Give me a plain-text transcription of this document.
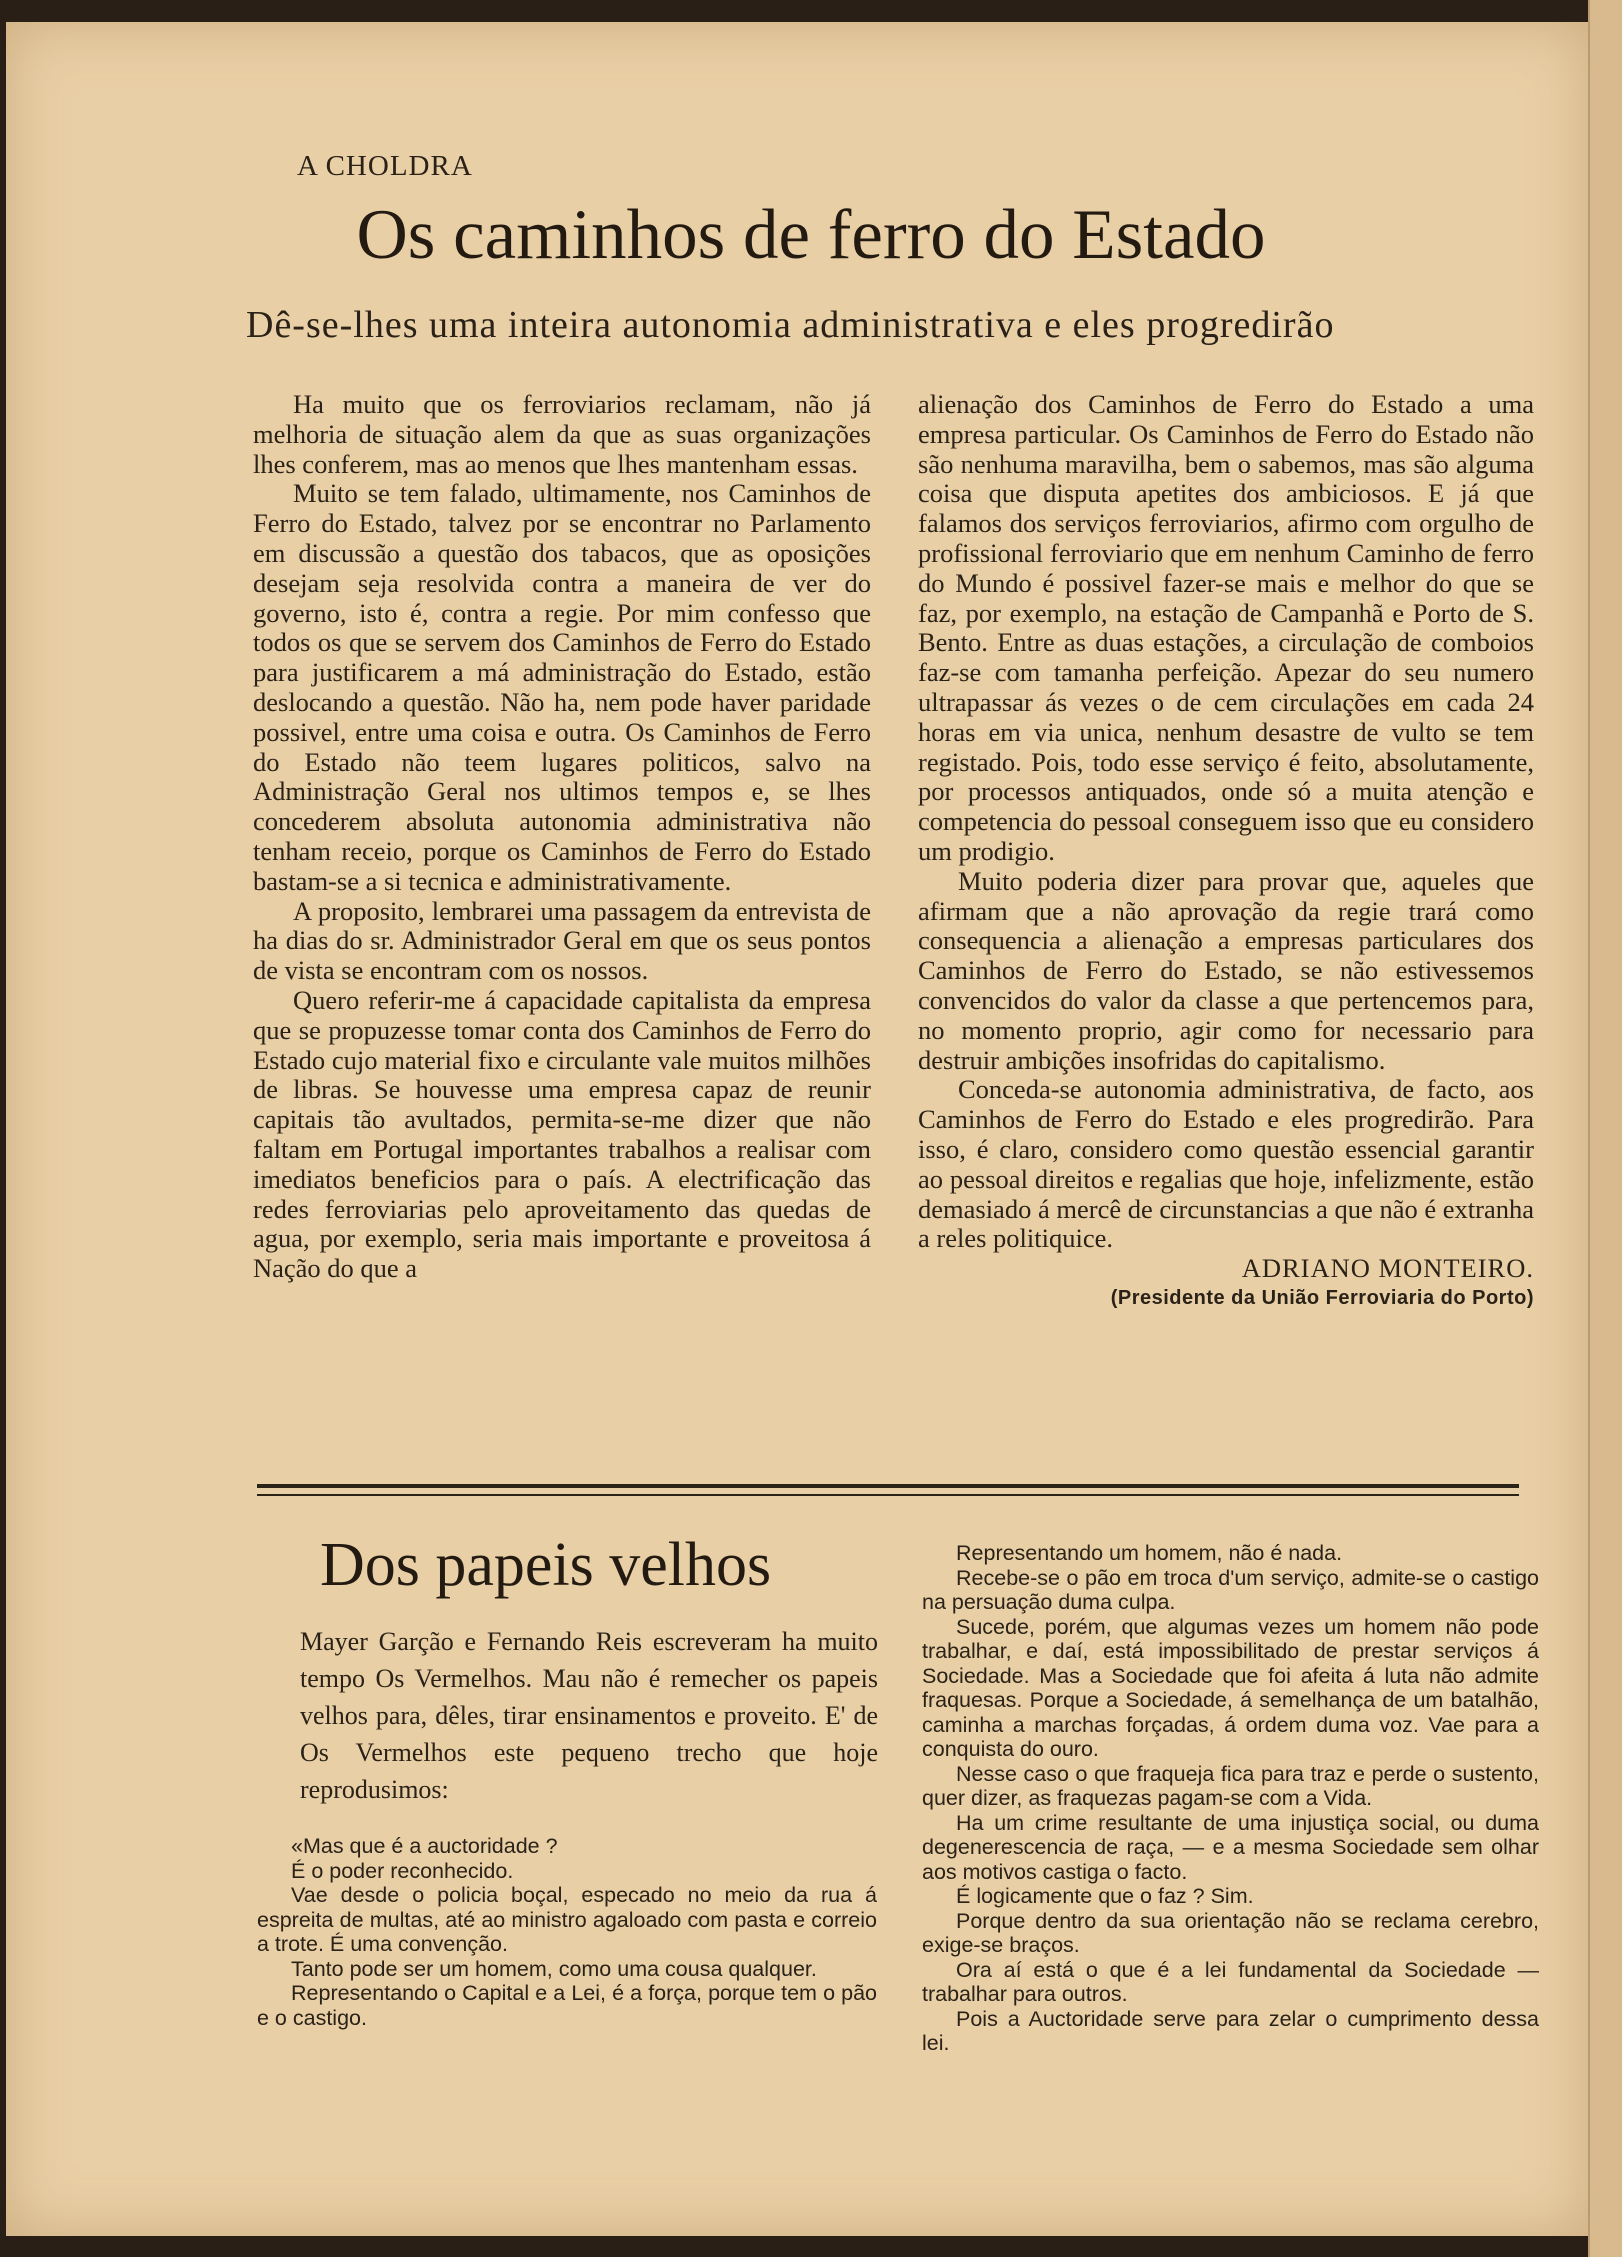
A CHOLDRA
Os caminhos de ferro do Estado
Dê-se-lhes uma inteira autonomia administrativa e eles progredirão

Ha muito que os ferroviarios reclamam, não já melhoria de situação alem da que as suas organizações lhes conferem, mas ao menos que lhes mantenham essas.

Muito se tem falado, ultimamente, nos Caminhos de Ferro do Estado, talvez por se encontrar no Parlamento em discussão a questão dos tabacos, que as oposições desejam seja resolvida contra a maneira de ver do governo, isto é, contra a regie. Por mim confesso que todos os que se servem dos Caminhos de Ferro do Estado para justificarem a má administração do Estado, estão deslocando a questão. Não ha, nem pode haver paridade possivel, entre uma coisa e outra. Os Caminhos de Ferro do Estado não teem lugares politicos, salvo na Administração Geral nos ultimos tempos e, se lhes concederem absoluta autonomia administrativa não tenham receio, porque os Caminhos de Ferro do Estado bastam-se a si tecnica e administrativamente.

A proposito, lembrarei uma passagem da entrevista de ha dias do sr. Administrador Geral em que os seus pontos de vista se encontram com os nossos.

Quero referir-me á capacidade capitalista da empresa que se propuzesse tomar conta dos Caminhos de Ferro do Estado cujo material fixo e circulante vale muitos milhões de libras. Se houvesse uma empresa capaz de reunir capitais tão avultados, permita-se-me dizer que não faltam em Portugal importantes trabalhos a realisar com imediatos beneficios para o país. A electrificação das redes ferroviarias pelo aproveitamento das quedas de agua, por exemplo, seria mais importante e proveitosa á Nação do que a

alienação dos Caminhos de Ferro do Estado a uma empresa particular. Os Caminhos de Ferro do Estado não são nenhuma maravilha, bem o sabemos, mas são alguma coisa que disputa apetites dos ambiciosos. E já que falamos dos serviços ferroviarios, afirmo com orgulho de profissional ferroviario que em nenhum Caminho de ferro do Mundo é possivel fazer-se mais e melhor do que se faz, por exemplo, na estação de Campanhã e Porto de S. Bento. Entre as duas estações, a circulação de comboios faz-se com tamanha perfeição. Apezar do seu numero ultrapassar ás vezes o de cem circulações em cada 24 horas em via unica, nenhum desastre de vulto se tem registado. Pois, todo esse serviço é feito, absolutamente, por processos antiquados, onde só a muita atenção e competencia do pessoal conseguem isso que eu considero um prodigio.

Muito poderia dizer para provar que, aqueles que afirmam que a não aprovação da regie trará como consequencia a alienação a empresas particulares dos Caminhos de Ferro do Estado, se não estivessemos convencidos do valor da classe a que pertencemos para, no momento proprio, agir como for necessario para destruir ambições insofridas do capitalismo.

Conceda-se autonomia administrativa, de facto, aos Caminhos de Ferro do Estado e eles progredirão. Para isso, é claro, considero como questão essencial garantir ao pessoal direitos e regalias que hoje, infelizmente, estão demasiado á mercê de circunstancias a que não é extranha a reles politiquice.

ADRIANO MONTEIRO.

(Presidente da União Ferroviaria do Porto)

Dos papeis velhos

Mayer Garção e Fernando Reis escreveram ha muito tempo Os Vermelhos. Mau não é remecher os papeis velhos para, dêles, tirar ensinamentos e proveito. E' de Os Vermelhos este pequeno trecho que hoje reprodusimos:

«Mas que é a auctoridade ?

É o poder reconhecido.

Vae desde o policia boçal, especado no meio da rua á espreita de multas, até ao ministro agaloado com pasta e correio a trote. É uma convenção.

Tanto pode ser um homem, como uma cousa qualquer.

Representando o Capital e a Lei, é a força, porque tem o pão e o castigo.

Representando um homem, não é nada.

Recebe-se o pão em troca d'um serviço, admite-se o castigo na persuação duma culpa.

Sucede, porém, que algumas vezes um homem não pode trabalhar, e daí, está impossibilitado de prestar serviços á Sociedade. Mas a Sociedade que foi afeita á luta não admite fraquesas. Porque a Sociedade, á semelhança de um batalhão, caminha a marchas forçadas, á ordem duma voz. Vae para a conquista do ouro.

Nesse caso o que fraqueja fica para traz e perde o sustento, quer dizer, as fraquezas pagam-se com a Vida.

Ha um crime resultante de uma injustiça social, ou duma degenerescencia de raça, — e a mesma Sociedade sem olhar aos motivos castiga o facto.

É logicamente que o faz ? Sim.

Porque dentro da sua orientação não se reclama cerebro, exige-se braços.

Ora aí está o que é a lei fundamental da Sociedade —trabalhar para outros.

Pois a Auctoridade serve para zelar o cumprimento dessa lei.
